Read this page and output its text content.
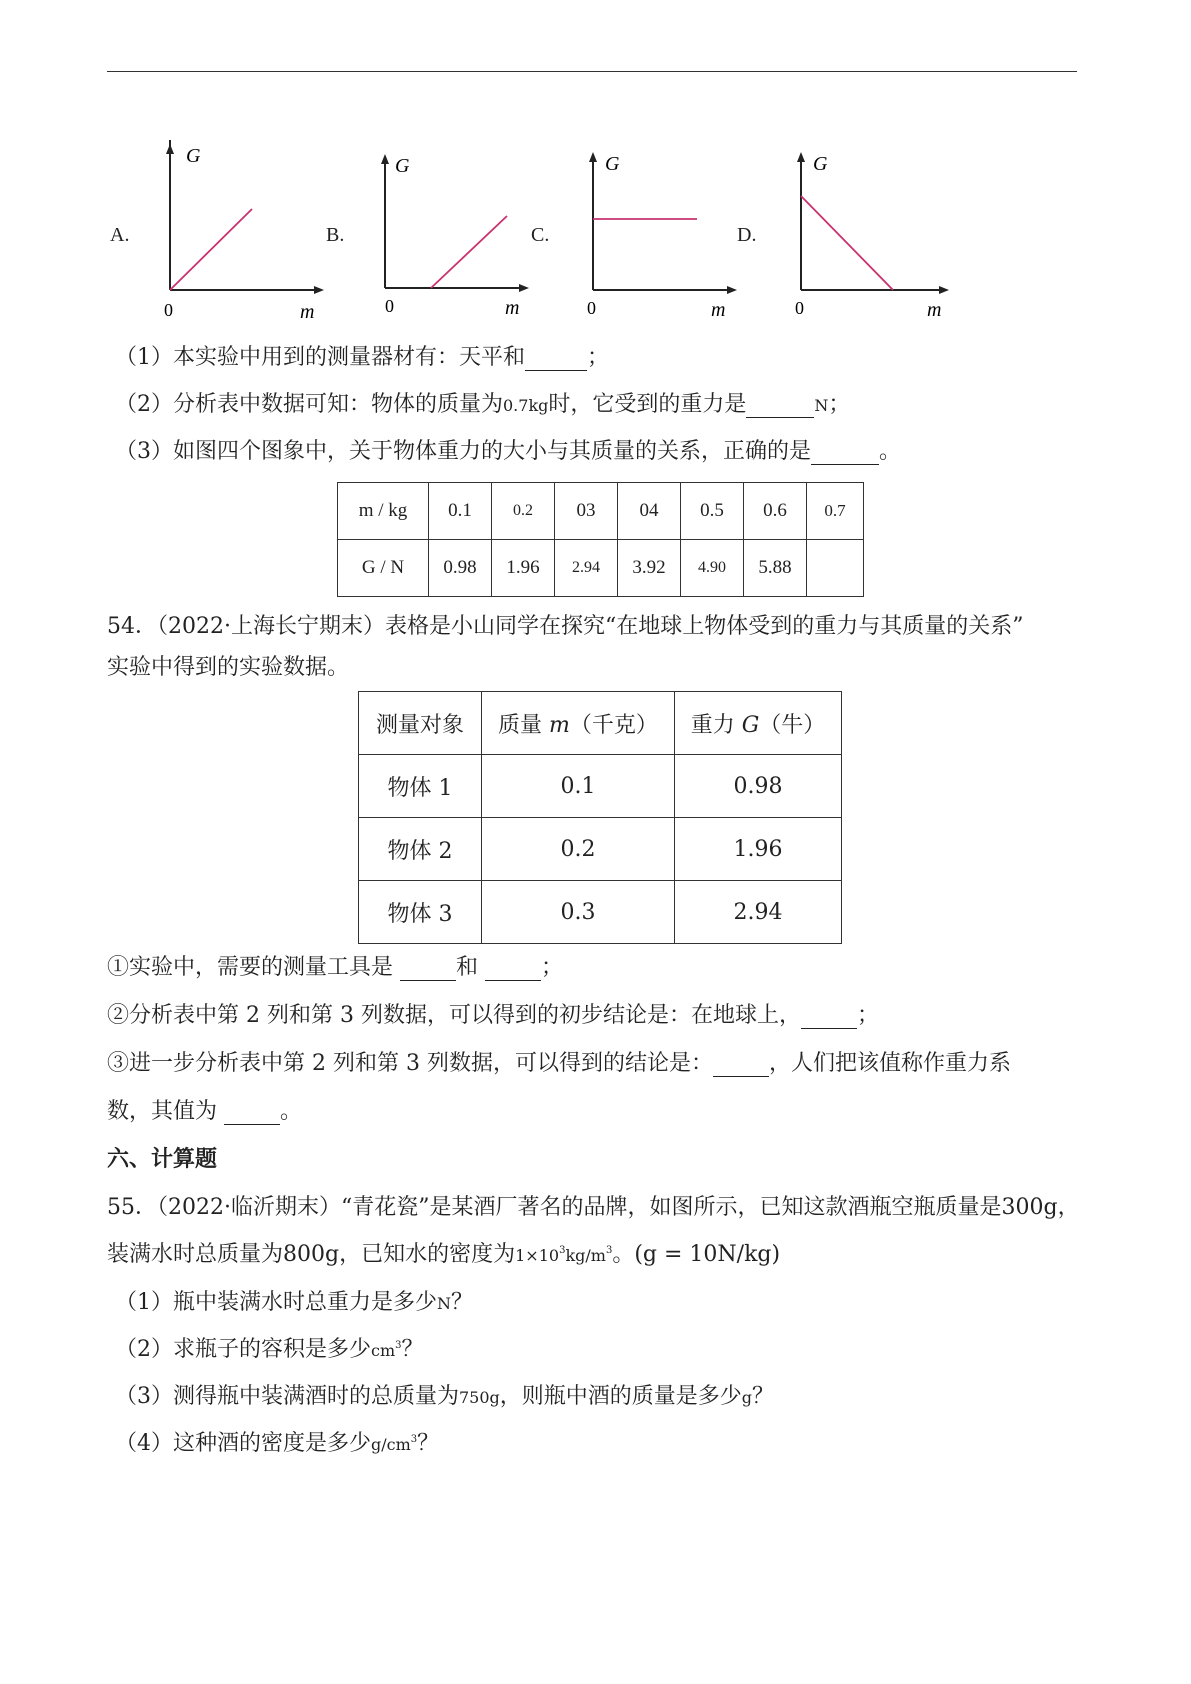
A.
G
0	m
B.
G
0	m
C.
G
0	m
D.
G
0	m
（1）本实验中用到的测量器材有：天平和	；
（2）分析表中数据可知：物体的质量为0.7kg时，它受到的重力是	N；
（3）如图四个图象中，关于物体重力的大小与其质量的关系，正确的是	。
m / kg	0.1	0.2	03	04	0.5	0.6	0.7
G / N	0.98	1.96	2.94	3.92	4.90	5.88	
54．（2022·上海长宁期末）表格是小山同学在探究“在地球上物体受到的重力与其质量的关系”
实验中得到的实验数据。
测量对象	质量 m（千克）	重力 G（牛）
物体 1	0.1	0.98
物体 2	0.2	1.96
物体 3	0.3	2.94
①实验中，需要的测量工具是	和	；
②分析表中第 2 列和第 3 列数据，可以得到的初步结论是：在地球上，	；
③进一步分析表中第 2 列和第 3 列数据，可以得到的结论是：	，人们把该值称作重力系
数，其值为	。
六、计算题
55．（2022·临沂期末）“青花瓷”是某酒厂著名的品牌，如图所示，已知这款酒瓶空瓶质量是300g，
装满水时总质量为800g，已知水的密度为$1\times 10^3kg/m^3$。(g = 10N/kg)
（1）瓶中装满水时总重力是多少N？
（2）求瓶子的容积是多少$cm^3$？
（3）测得瓶中装满酒时的总质量为750g，则瓶中酒的质量是多少g？
（4）这种酒的密度是多少$g/cm^3$？
